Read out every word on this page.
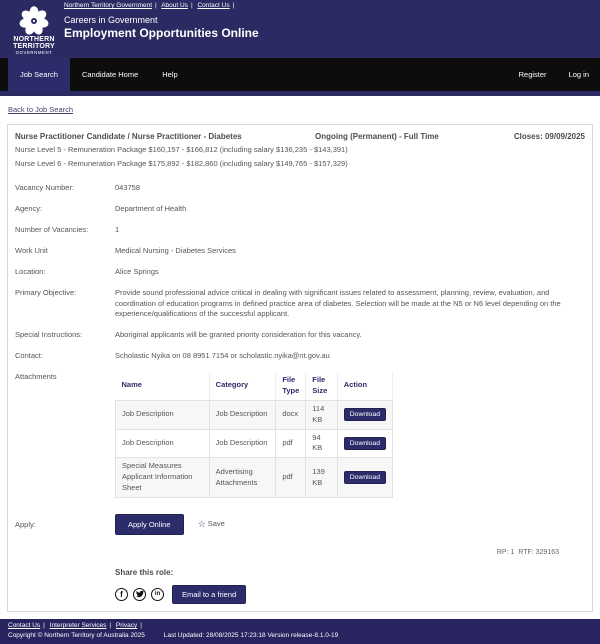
NORTHERN
TERRITORY
GOVERNMENT
Northern Territory Government | About Us | Contact Us |
Careers in Government
Employment Opportunities Online
Job Search	Candidate Home	Help	Register	Log in
Back to Job Search
Nurse Practitioner Candidate / Nurse Practitioner - Diabetes	Ongoing (Permanent) - Full Time	Closes: 09/09/2025
Nurse Level 5 - Remuneration Package $160,157 - $166,812 (including salary $136,235 - $143,391)
Nurse Level 6 - Remuneration Package $175,892 - $182,860 (including salary $149,765 - $157,329)
Vacancy Number:	043758
Agency:	Department of Health
Number of Vacancies:	1
Work Unit	Medical Nursing - Diabetes Services
Location:	Alice Springs
Primary Objective:	Provide sound professional advice critical in dealing with significant issues related to assessment, planning, review, evaluation, and coordination of education programs in defined practice area of diabetes. Selection will be made at the N5 or N6 level depending on the experience/qualifications of the successful applicant.
Special Instructions:	Aboriginal applicants will be granted priority consideration for this vacancy.
Contact:	Scholastic Nyika on 08 8951 7154 or scholastic.nyika@nt.gov.au
Attachments
Name	Category	File Type	File Size	Action
Job Description	Job Description	docx	114 KB	Download
Job Description	Job Description	pdf	94 KB	Download
Special Measures Applicant Information Sheet	Advertising Attachments	pdf	139 KB	Download
Apply:	Apply Online	☆ Save
RP: 1  RTF: 329163
Share this role:
f	in	Email to a friend
Contact Us | Interpreter Services | Privacy |
Copyright © Northern Territory of Australia 2025	Last Updated: 28/08/2025 17:23:18 Version release-8.1.0-19
